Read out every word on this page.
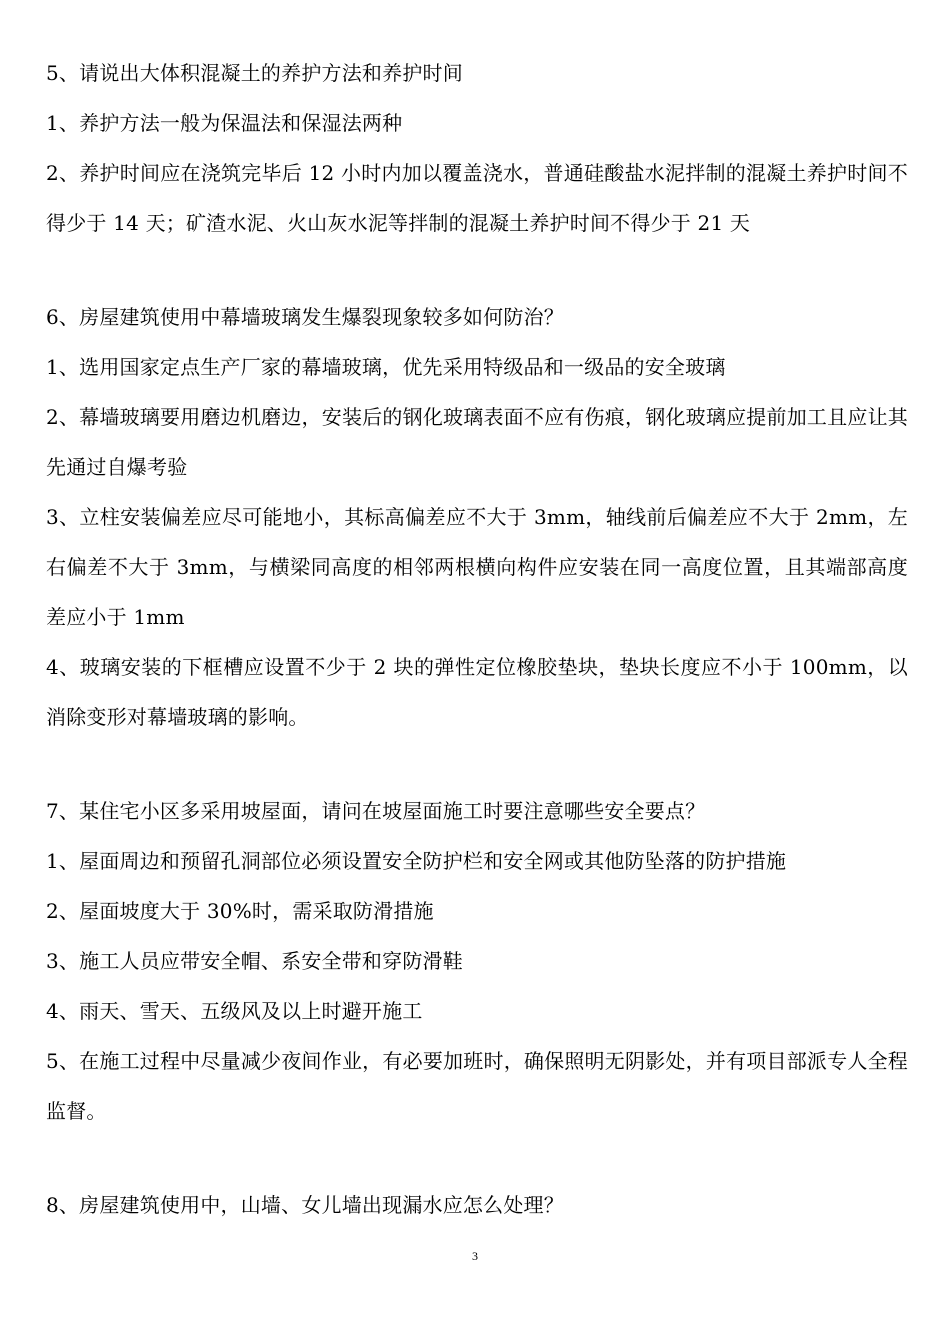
5、请说出大体积混凝土的养护方法和养护时间
1、养护方法一般为保温法和保湿法两种
2、养护时间应在浇筑完毕后 12 小时内加以覆盖浇水，普通硅酸盐水泥拌制的混凝土养护时间不得少于 14 天；矿渣水泥、火山灰水泥等拌制的混凝土养护时间不得少于 21 天
6、房屋建筑使用中幕墙玻璃发生爆裂现象较多如何防治？
1、选用国家定点生产厂家的幕墙玻璃，优先采用特级品和一级品的安全玻璃
2、幕墙玻璃要用磨边机磨边，安装后的钢化玻璃表面不应有伤痕，钢化玻璃应提前加工且应让其先通过自爆考验
3、立柱安装偏差应尽可能地小，其标高偏差应不大于 3mm，轴线前后偏差应不大于 2mm，左右偏差不大于 3mm，与横梁同高度的相邻两根横向构件应安装在同一高度位置，且其端部高度差应小于 1mm
4、玻璃安装的下框槽应设置不少于 2 块的弹性定位橡胶垫块，垫块长度应不小于 100mm，以消除变形对幕墙玻璃的影响。
7、某住宅小区多采用坡屋面，请问在坡屋面施工时要注意哪些安全要点？
1、屋面周边和预留孔洞部位必须设置安全防护栏和安全网或其他防坠落的防护措施
2、屋面坡度大于 30%时，需采取防滑措施
3、施工人员应带安全帽、系安全带和穿防滑鞋
4、雨天、雪天、五级风及以上时避开施工
5、在施工过程中尽量减少夜间作业，有必要加班时，确保照明无阴影处，并有项目部派专人全程监督。
8、房屋建筑使用中，山墙、女儿墙出现漏水应怎么处理？
3
